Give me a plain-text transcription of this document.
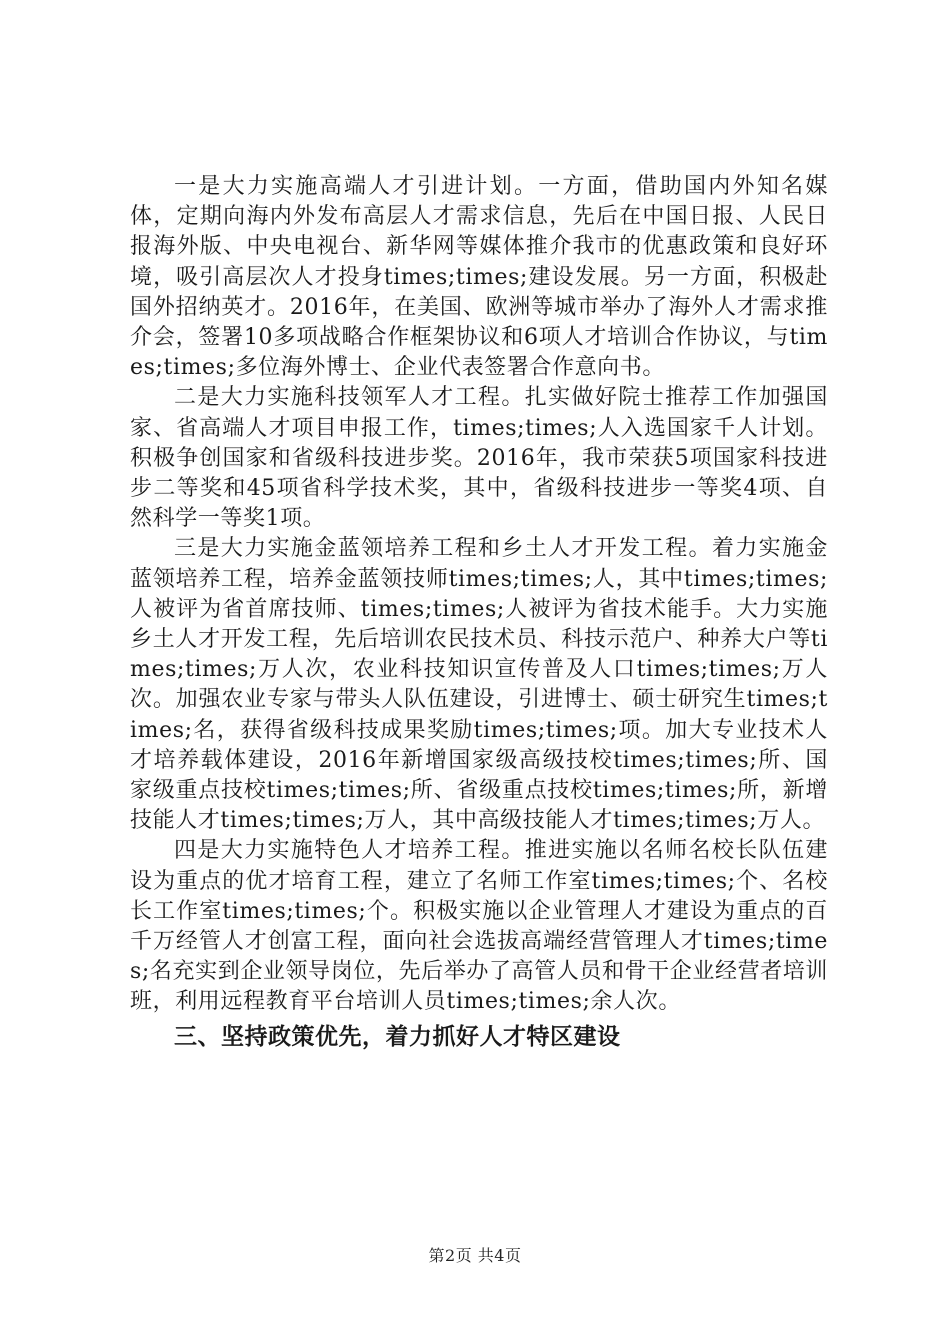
一是大力实施高端人才引进计划。一方面，借助国内外知名媒体，定期向海内外发布高层人才需求信息，先后在中国日报、人民日报海外版、中央电视台、新华网等媒体推介我市的优惠政策和良好环境，吸引高层次人才投身times;times;建设发展。另一方面，积极赴国外招纳英才。2016年，在美国、欧洲等城市举办了海外人才需求推介会，签署10多项战略合作框架协议和6项人才培训合作协议，与times;times;多位海外博士、企业代表签署合作意向书。

二是大力实施科技领军人才工程。扎实做好院士推荐工作加强国家、省高端人才项目申报工作，times;times;人入选国家千人计划。积极争创国家和省级科技进步奖。2016年，我市荣获5项国家科技进步二等奖和45项省科学技术奖，其中，省级科技进步一等奖4项、自然科学一等奖1项。

三是大力实施金蓝领培养工程和乡土人才开发工程。着力实施金蓝领培养工程，培养金蓝领技师times;times;人，其中times;times;人被评为省首席技师、times;times;人被评为省技术能手。大力实施乡土人才开发工程，先后培训农民技术员、科技示范户、种养大户等times;times;万人次，农业科技知识宣传普及人口times;times;万人次。加强农业专家与带头人队伍建设，引进博士、硕士研究生times;times;名，获得省级科技成果奖励times;times;项。加大专业技术人才培养载体建设，2016年新增国家级高级技校times;times;所、国家级重点技校times;times;所、省级重点技校times;times;所，新增技能人才times;times;万人，其中高级技能人才times;times;万人。

四是大力实施特色人才培养工程。推进实施以名师名校长队伍建设为重点的优才培育工程，建立了名师工作室times;times;个、名校长工作室times;times;个。积极实施以企业管理人才建设为重点的百千万经管人才创富工程，面向社会选拔高端经营管理人才times;times;名充实到企业领导岗位，先后举办了高管人员和骨干企业经营者培训班，利用远程教育平台培训人员times;times;余人次。

三、坚持政策优先，着力抓好人才特区建设
第2页 共4页
